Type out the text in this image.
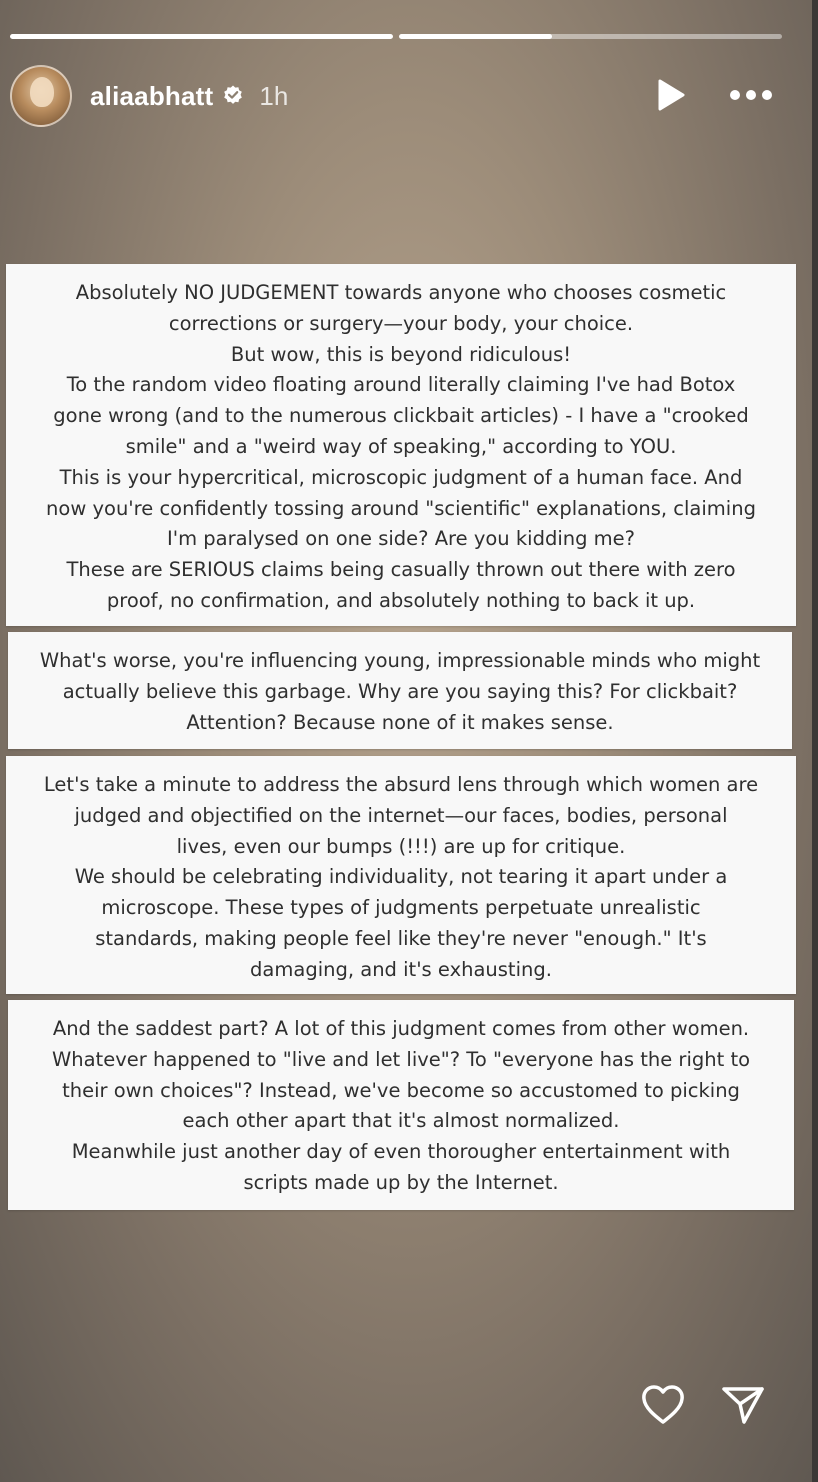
aliaabhatt 1h
Absolutely NO JUDGEMENT towards anyone who chooses cosmetic
corrections or surgery—your body, your choice.
But wow, this is beyond ridiculous!
To the random video floating around literally claiming I've had Botox
gone wrong (and to the numerous clickbait articles) - I have a "crooked
smile" and a "weird way of speaking," according to YOU.
This is your hypercritical, microscopic judgment of a human face. And
now you're confidently tossing around "scientific" explanations, claiming
I'm paralysed on one side? Are you kidding me?
These are SERIOUS claims being casually thrown out there with zero
proof, no confirmation, and absolutely nothing to back it up.
What's worse, you're influencing young, impressionable minds who might
actually believe this garbage. Why are you saying this? For clickbait?
Attention? Because none of it makes sense.
Let's take a minute to address the absurd lens through which women are
judged and objectified on the internet—our faces, bodies, personal
lives, even our bumps (!!!) are up for critique.
We should be celebrating individuality, not tearing it apart under a
microscope. These types of judgments perpetuate unrealistic
standards, making people feel like they're never "enough." It's
damaging, and it's exhausting.
And the saddest part? A lot of this judgment comes from other women.
Whatever happened to "live and let live"? To "everyone has the right to
their own choices"? Instead, we've become so accustomed to picking
each other apart that it's almost normalized.
Meanwhile just another day of even thorougher entertainment with
scripts made up by the Internet.
